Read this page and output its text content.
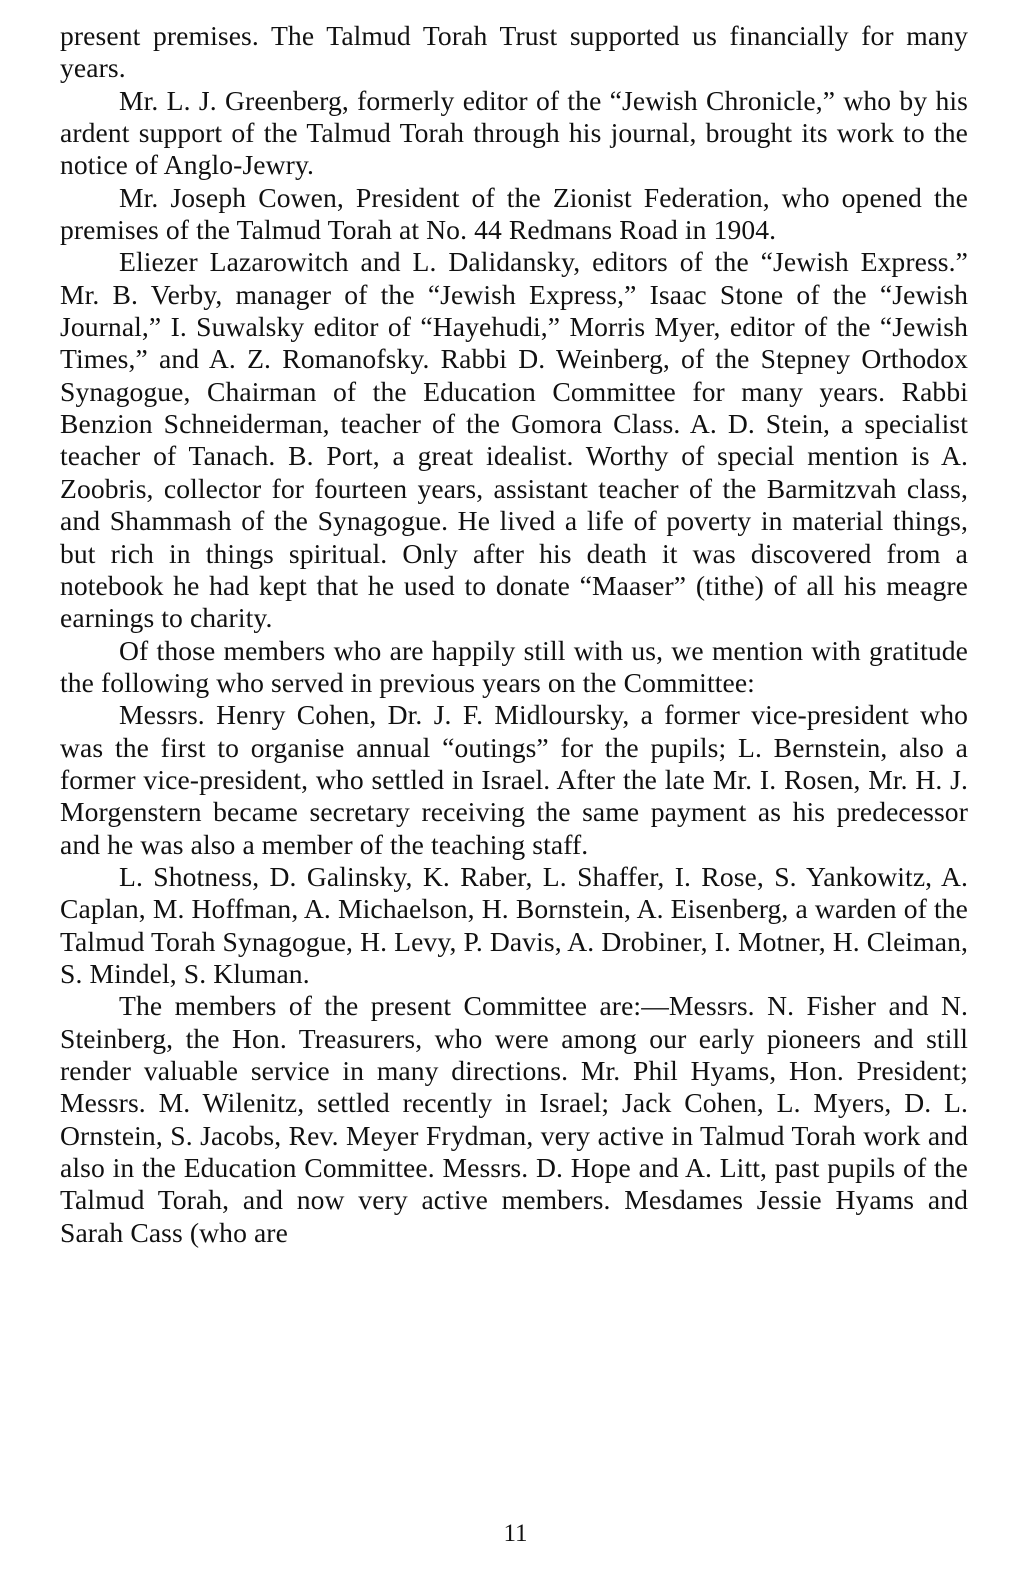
present premises. The Talmud Torah Trust supported us financially for many years.

Mr. L. J. Greenberg, formerly editor of the “Jewish Chronicle,” who by his ardent support of the Talmud Torah through his journal, brought its work to the notice of Anglo-Jewry.

Mr. Joseph Cowen, President of the Zionist Federation, who opened the premises of the Talmud Torah at No. 44 Redmans Road in 1904.

Eliezer Lazarowitch and L. Dalidansky, editors of the “Jewish Express.” Mr. B. Verby, manager of the “Jewish Express,” Isaac Stone of the “Jewish Journal,” I. Suwalsky editor of “Hayehudi,” Morris Myer, editor of the “Jewish Times,” and A. Z. Romanofsky. Rabbi D. Weinberg, of the Stepney Orthodox Synagogue, Chairman of the Education Committee for many years. Rabbi Benzion Schneiderman, teacher of the Gomora Class. A. D. Stein, a specialist teacher of Tanach. B. Port, a great idealist. Worthy of special mention is A. Zoobris, collector for fourteen years, assistant teacher of the Barmitzvah class, and Shammash of the Synagogue. He lived a life of poverty in material things, but rich in things spiritual. Only after his death it was discovered from a notebook he had kept that he used to donate “Maaser” (tithe) of all his meagre earnings to charity.

Of those members who are happily still with us, we mention with gratitude the following who served in previous years on the Committee:

Messrs. Henry Cohen, Dr. J. F. Midloursky, a former vice-president who was the first to organise annual “outings” for the pupils; L. Bernstein, also a former vice-president, who settled in Israel. After the late Mr. I. Rosen, Mr. H. J. Morgenstern became secretary receiving the same payment as his predecessor and he was also a member of the teaching staff.

L. Shotness, D. Galinsky, K. Raber, L. Shaffer, I. Rose, S. Yankowitz, A. Caplan, M. Hoffman, A. Michaelson, H. Bornstein, A. Eisenberg, a warden of the Talmud Torah Synagogue, H. Levy, P. Davis, A. Drobiner, I. Motner, H. Cleiman, S. Mindel, S. Kluman.

The members of the present Committee are:—Messrs. N. Fisher and N. Steinberg, the Hon. Treasurers, who were among our early pioneers and still render valuable service in many directions. Mr. Phil Hyams, Hon. President; Messrs. M. Wilenitz, settled recently in Israel; Jack Cohen, L. Myers, D. L. Ornstein, S. Jacobs, Rev. Meyer Frydman, very active in Talmud Torah work and also in the Education Committee. Messrs. D. Hope and A. Litt, past pupils of the Talmud Torah, and now very active members. Mesdames Jessie Hyams and Sarah Cass (who are

11
